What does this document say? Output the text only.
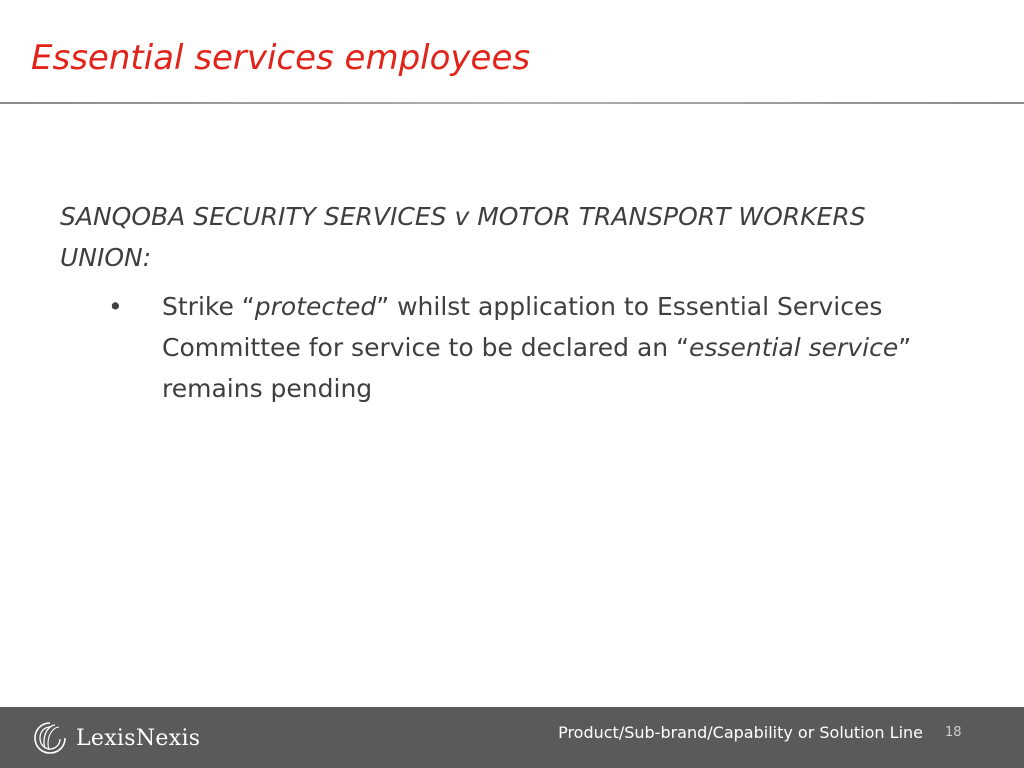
Essential services employees

SANQOBA SECURITY SERVICES v MOTOR TRANSPORT WORKERS UNION:

• Strike “protected” whilst application to Essential Services Committee for service to be declared an “essential service” remains pending
LexisNexis	Product/Sub-brand/Capability or Solution Line 18
